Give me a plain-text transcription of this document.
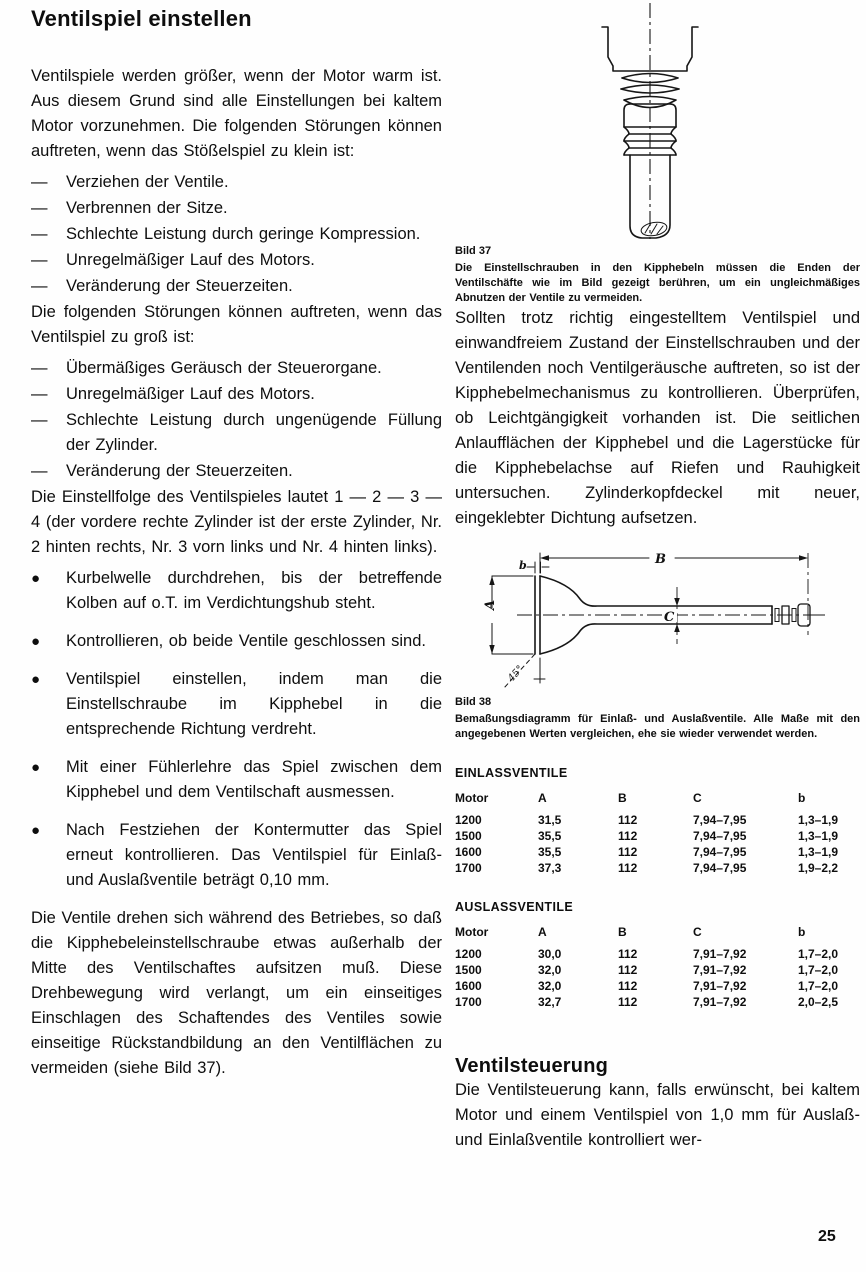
Ventilspiel einstellen

Ventilspiele werden größer, wenn der Motor warm ist. Aus diesem Grund sind alle Einstellungen bei kaltem Motor vorzunehmen. Die folgenden Störungen können auftreten, wenn das Stößelspiel zu klein ist:

—	Verziehen der Ventile.
—	Verbrennen der Sitze.
—	Schlechte Leistung durch geringe Kompression.
—	Unregelmäßiger Lauf des Motors.
—	Veränderung der Steuerzeiten.

Die folgenden Störungen können auftreten, wenn das Ventilspiel zu groß ist:

—	Übermäßiges Geräusch der Steuerorgane.
—	Unregelmäßiger Lauf des Motors.
—	Schlechte Leistung durch ungenügende Füllung der Zylinder.
—	Veränderung der Steuerzeiten.

Die Einstellfolge des Ventilspieles lautet 1 — 2 — 3 — 4 (der vordere rechte Zylinder ist der erste Zylinder, Nr. 2 hinten rechts, Nr. 3 vorn links und Nr. 4 hinten links).

●	Kurbelwelle durchdrehen, bis der betreffende Kolben auf o.T. im Verdichtungshub steht.
●	Kontrollieren, ob beide Ventile geschlossen sind.
●	Ventilspiel einstellen, indem man die Einstellschraube im Kipphebel in die entsprechende Richtung verdreht.
●	Mit einer Fühlerlehre das Spiel zwischen dem Kipphebel und dem Ventilschaft ausmessen.
●	Nach Festziehen der Kontermutter das Spiel erneut kontrollieren. Das Ventilspiel für Einlaß- und Auslaßventile beträgt 0,10 mm.

Die Ventile drehen sich während des Betriebes, so daß die Kipphebeleinstellschraube etwas außerhalb der Mitte des Ventilschaftes aufsitzen muß. Diese Drehbewegung wird verlangt, um ein einseitiges Einschlagen des Schaftendes des Ventiles sowie einseitige Rückstandbildung an den Ventilflächen zu vermeiden (siehe Bild 37).

Bild 37
Die Einstellschrauben in den Kipphebeln müssen die Enden der Ventilschäfte wie im Bild gezeigt berühren, um ein ungleichmäßiges Abnutzen der Ventile zu vermeiden.

Sollten trotz richtig eingestelltem Ventilspiel und einwandfreiem Zustand der Einstellschrauben und der Ventilenden noch Ventilgeräusche auftreten, so ist der Kipphebelmechanismus zu kontrollieren. Überprüfen, ob Leichtgängigkeit vorhanden ist. Die seitlichen Anlaufflächen der Kipphebel und die Lagerstücke für die Kipphebelachse auf Riefen und Rauhigkeit untersuchen. Zylinderkopfdeckel mit neuer, eingeklebter Dichtung aufsetzen.

B
b
A
C
45°
Bild 38
Bemaßungsdiagramm für Einlaß- und Auslaßventile. Alle Maße mit den angegebenen Werten vergleichen, ehe sie wieder verwendet werden.
EINLASSVENTILE
Motor	A	B	C	b
1200	31,5	112	7,94–7,95	1,3–1,9
1500	35,5	112	7,94–7,95	1,3–1,9
1600	35,5	112	7,94–7,95	1,3–1,9
1700	37,3	112	7,94–7,95	1,9–2,2
AUSLASSVENTILE
Motor	A	B	C	b
1200	30,0	112	7,91–7,92	1,7–2,0
1500	32,0	112	7,91–7,92	1,7–2,0
1600	32,0	112	7,91–7,92	1,7–2,0
1700	32,7	112	7,91–7,92	2,0–2,5
Ventilsteuerung

Die Ventilsteuerung kann, falls erwünscht, bei kaltem Motor und einem Ventilspiel von 1,0 mm für Auslaß- und Einlaßventile kontrolliert wer-

25
